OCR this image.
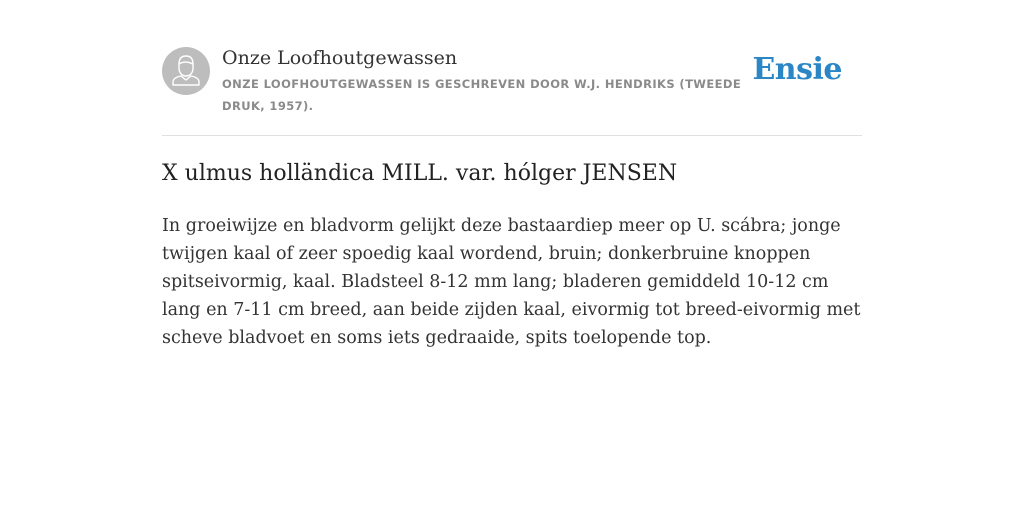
Onze Loofhoutgewassen
ONZE LOOFHOUTGEWASSEN IS GESCHREVEN DOOR W.J. HENDRIKS (TWEEDE DRUK, 1957).
Ensie
X ulmus holländica MILL. var. hólger JENSEN

In groeiwijze en bladvorm gelijkt deze bastaardiep meer op U. scábra; jonge twijgen kaal of zeer spoedig kaal wordend, bruin; donkerbruine knoppen spitseivormig, kaal. Bladsteel 8-12 mm lang; bladeren gemiddeld 10-12 cm lang en 7-11 cm breed, aan beide zijden kaal, eivormig tot breed-eivormig met scheve bladvoet en soms iets gedraaide, spits toelopende top.
